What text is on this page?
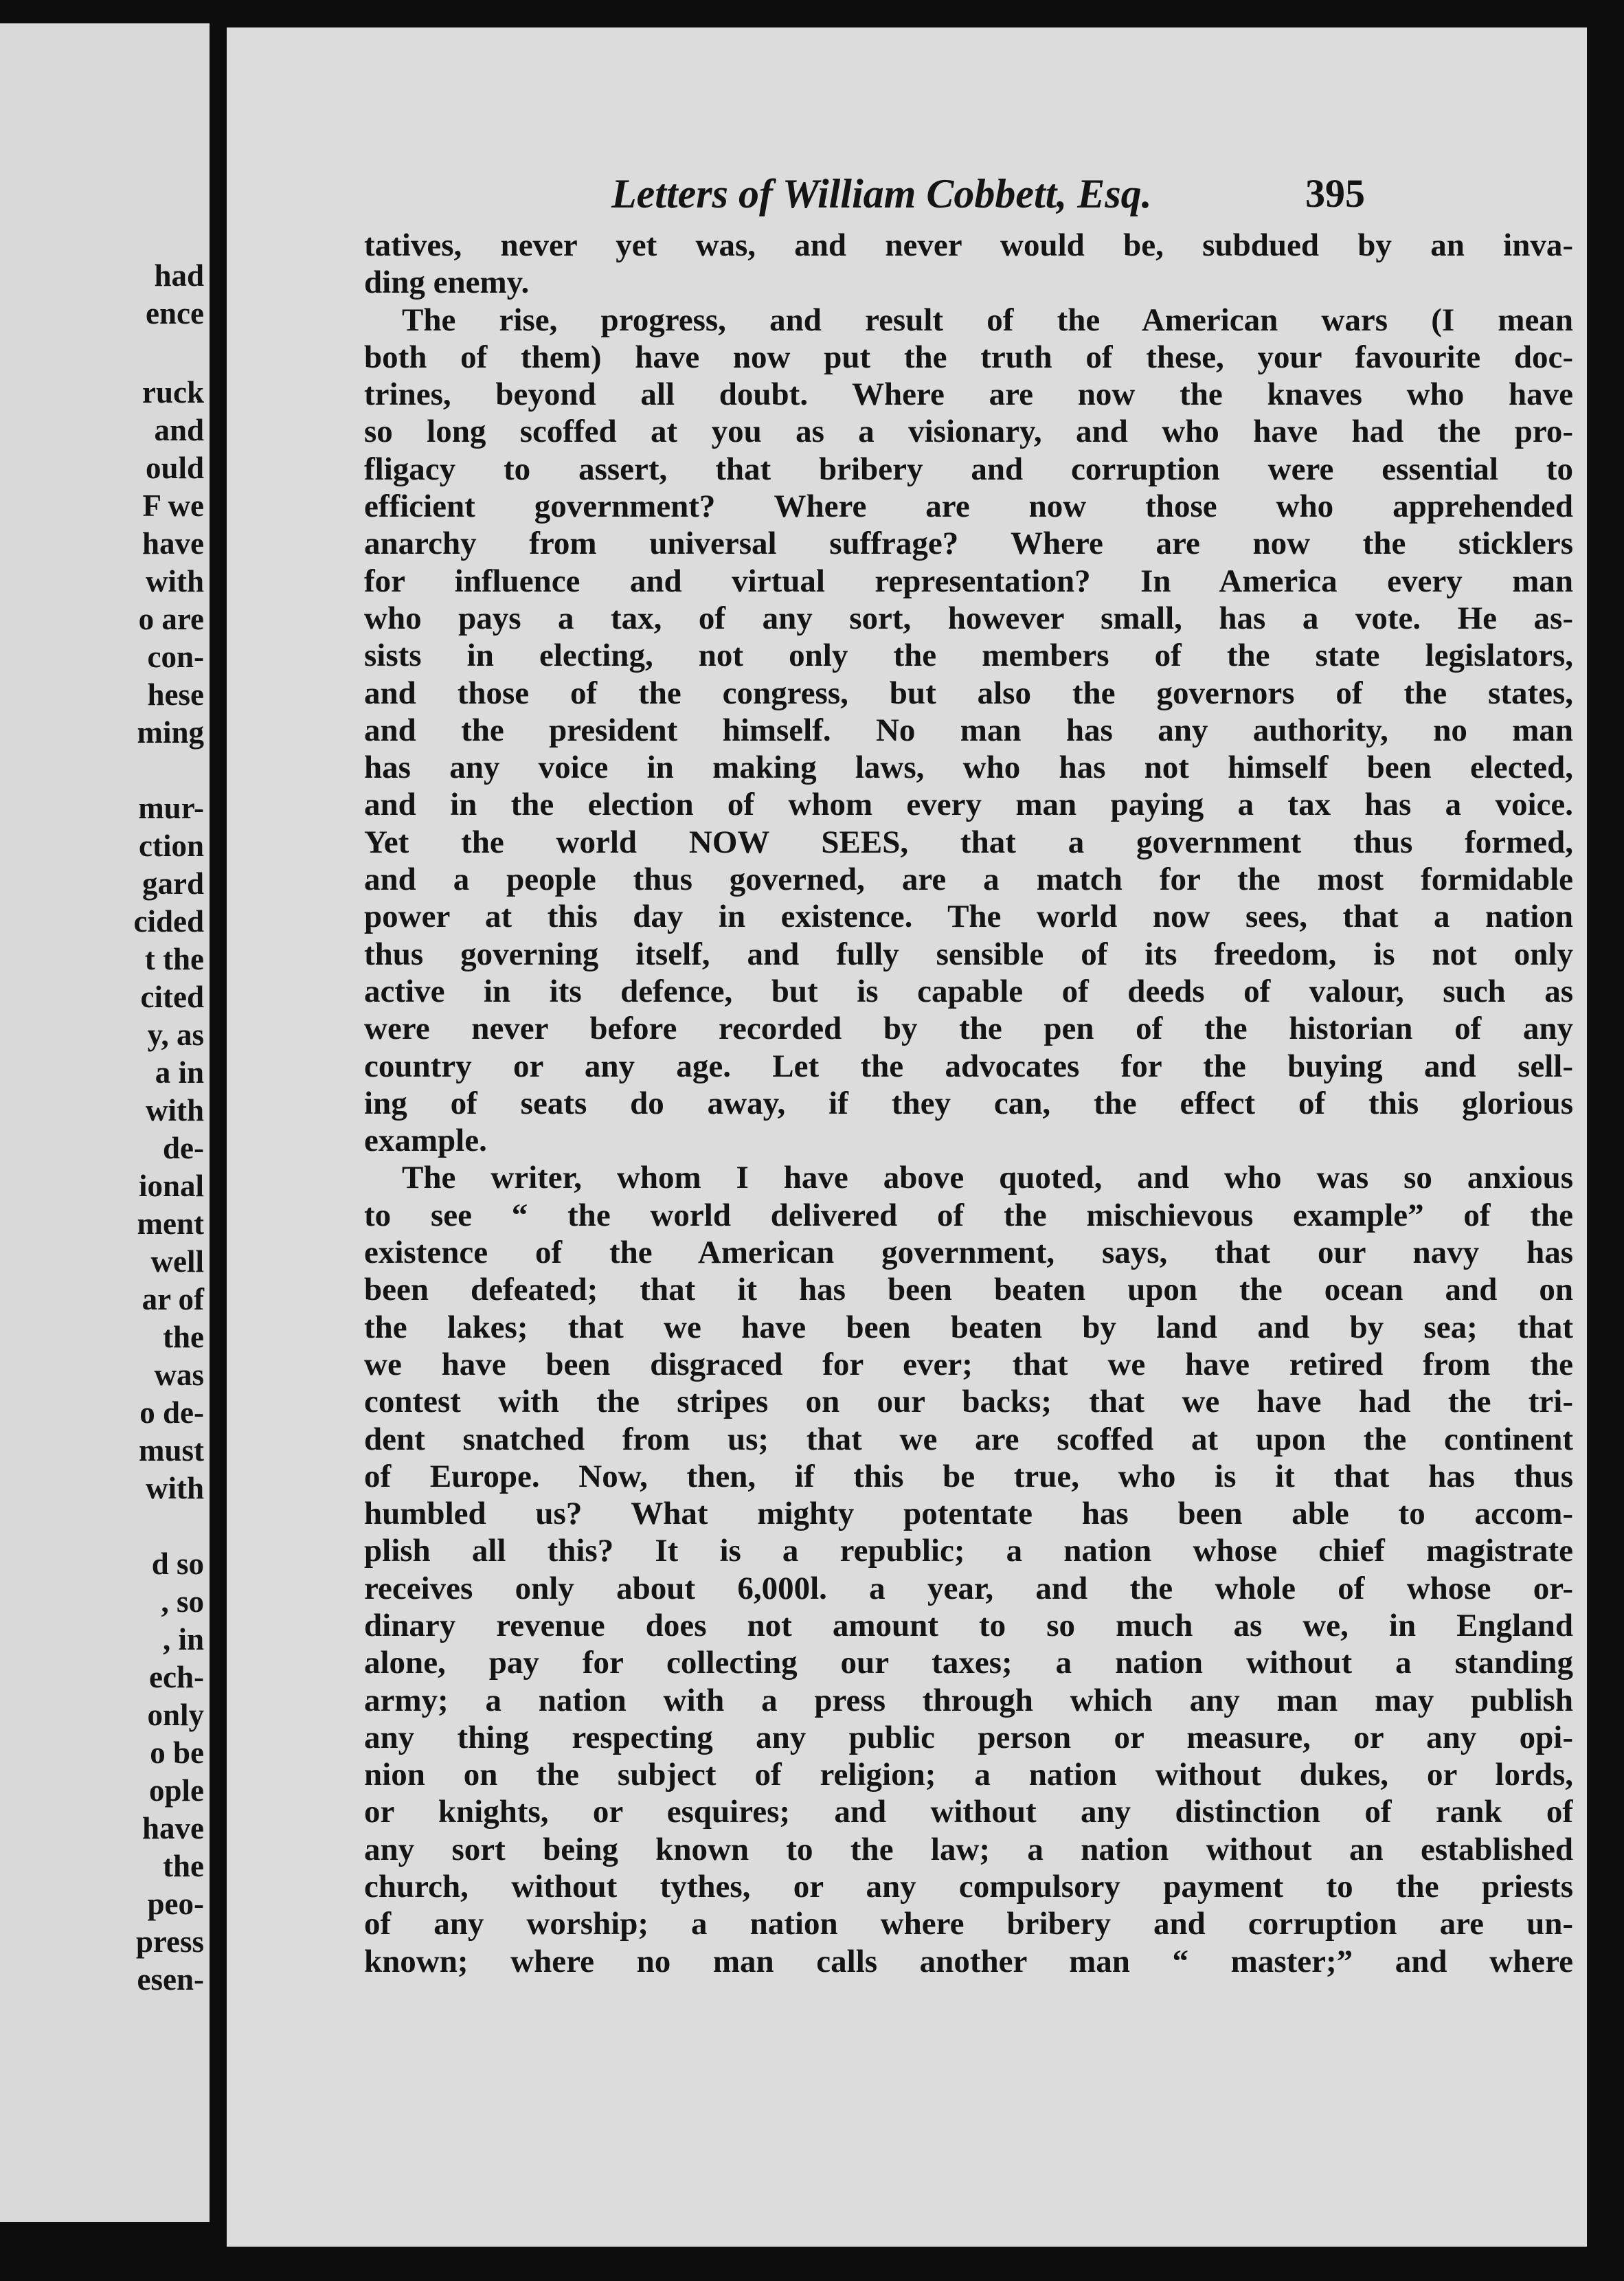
had
ence
ruck
and
ould
F we
have
with
o are
con-
hese
ming
mur-
ction
gard
cided
t the
cited
y, as
a in
with
de-
ional
ment
well
ar of
the
was
o de-
must
with
d so
, so
, in
ech-
only
o be
ople
have
the
peo-
press
esen-
Letters of William Cobbett, Esq.	395
tatives, never yet was, and never would be, subdued by an inva-
ding enemy.
The rise, progress, and result of the American wars (I mean
both of them) have now put the truth of these, your favourite doc-
trines, beyond all doubt. Where are now the knaves who have
so long scoffed at you as a visionary, and who have had the pro-
fligacy to assert, that bribery and corruption were essential to
efficient government? Where are now those who apprehended
anarchy from universal suffrage? Where are now the sticklers
for influence and virtual representation? In America every man
who pays a tax, of any sort, however small, has a vote. He as-
sists in electing, not only the members of the state legislators,
and those of the congress, but also the governors of the states,
and the president himself. No man has any authority, no man
has any voice in making laws, who has not himself been elected,
and in the election of whom every man paying a tax has a voice.
Yet the world NOW SEES, that a government thus formed,
and a people thus governed, are a match for the most formidable
power at this day in existence. The world now sees, that a nation
thus governing itself, and fully sensible of its freedom, is not only
active in its defence, but is capable of deeds of valour, such as
were never before recorded by the pen of the historian of any
country or any age. Let the advocates for the buying and sell-
ing of seats do away, if they can, the effect of this glorious
example.
The writer, whom I have above quoted, and who was so anxious
to see “ the world delivered of the mischievous example” of the
existence of the American government, says, that our navy has
been defeated; that it has been beaten upon the ocean and on
the lakes; that we have been beaten by land and by sea; that
we have been disgraced for ever; that we have retired from the
contest with the stripes on our backs; that we have had the tri-
dent snatched from us; that we are scoffed at upon the continent
of Europe. Now, then, if this be true, who is it that has thus
humbled us? What mighty potentate has been able to accom-
plish all this? It is a republic; a nation whose chief magistrate
receives only about 6,000l. a year, and the whole of whose or-
dinary revenue does not amount to so much as we, in England
alone, pay for collecting our taxes; a nation without a standing
army; a nation with a press through which any man may publish
any thing respecting any public person or measure, or any opi-
nion on the subject of religion; a nation without dukes, or lords,
or knights, or esquires; and without any distinction of rank of
any sort being known to the law; a nation without an established
church, without tythes, or any compulsory payment to the priests
of any worship; a nation where bribery and corruption are un-
known; where no man calls another man “ master;” and where
